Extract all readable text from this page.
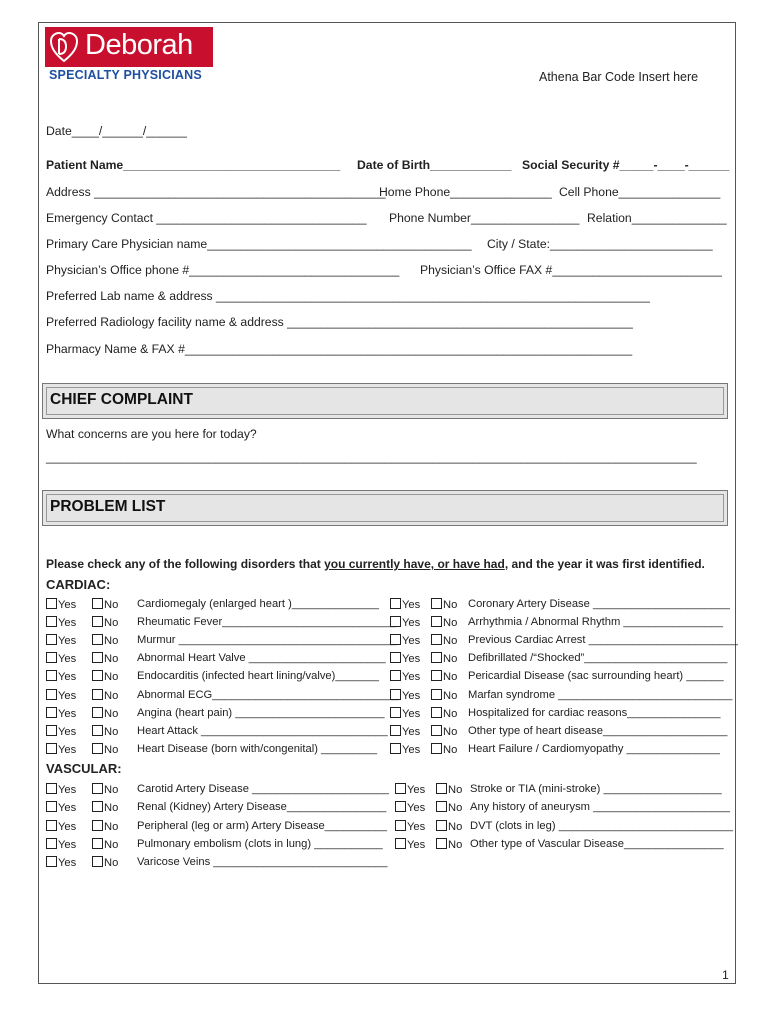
Deborah
SPECIALTY PHYSICIANS	Athena Bar Code Insert here
Date____/______/______
Patient Name________________________________ Date of Birth____________ Social Security #_____-____-______
Address ___________________________________________
Home Phone_______________ Cell Phone_______________
Emergency Contact _______________________________ Phone Number________________ Relation______________
Primary Care Physician name_______________________________________ City / State:________________________
Physician’s Office phone #_______________________________ Physician’s Office FAX #_________________________
Preferred Lab name & address ________________________________________________________________
Preferred Radiology facility name & address ___________________________________________________
Pharmacy Name & FAX #__________________________________________________________________
CHIEF COMPLAINT
What concerns are you here for today?
________________________________________________________________________________________________
PROBLEM LIST
Please check any of the following disorders that you currently have, or have had, and the year it was first identified.
CARDIAC:
Yes	No Cardiomegaly (enlarged heart )______________
Yes	No Rheumatic Fever____________________________
Yes	No Murmur ___________________________________
Yes	No Abnormal Heart Valve ______________________
Yes	No Endocarditis (infected heart lining/valve)_______
Yes	No Abnormal ECG______________________________
Yes	No Angina (heart pain) ________________________
Yes	No Heart Attack ______________________________
Yes	No Heart Disease (born with/congenital) _________
Yes	No Coronary Artery Disease ______________________
Yes	No Arrhythmia / Abnormal Rhythm ________________
Yes	No Previous Cardiac Arrest ________________________
Yes	No Defibrillated /“Shocked”_______________________
Yes	No Pericardial Disease (sac surrounding heart) ______
Yes	No Marfan syndrome ____________________________
Yes	No Hospitalized for cardiac reasons_______________
Yes	No Other type of heart disease____________________
Yes	No Heart Failure / Cardiomyopathy _______________
VASCULAR:
Yes	No Carotid Artery Disease ______________________
Yes	No Renal (Kidney) Artery Disease________________
Yes	No Peripheral (leg or arm) Artery Disease__________
Yes	No Pulmonary embolism (clots in lung) ___________
Yes	No Varicose Veins ____________________________
Yes	No Stroke or TIA (mini-stroke) ___________________
Yes	No Any history of aneurysm ______________________
Yes	No DVT (clots in leg) ____________________________
Yes	No Other type of Vascular Disease________________
1
